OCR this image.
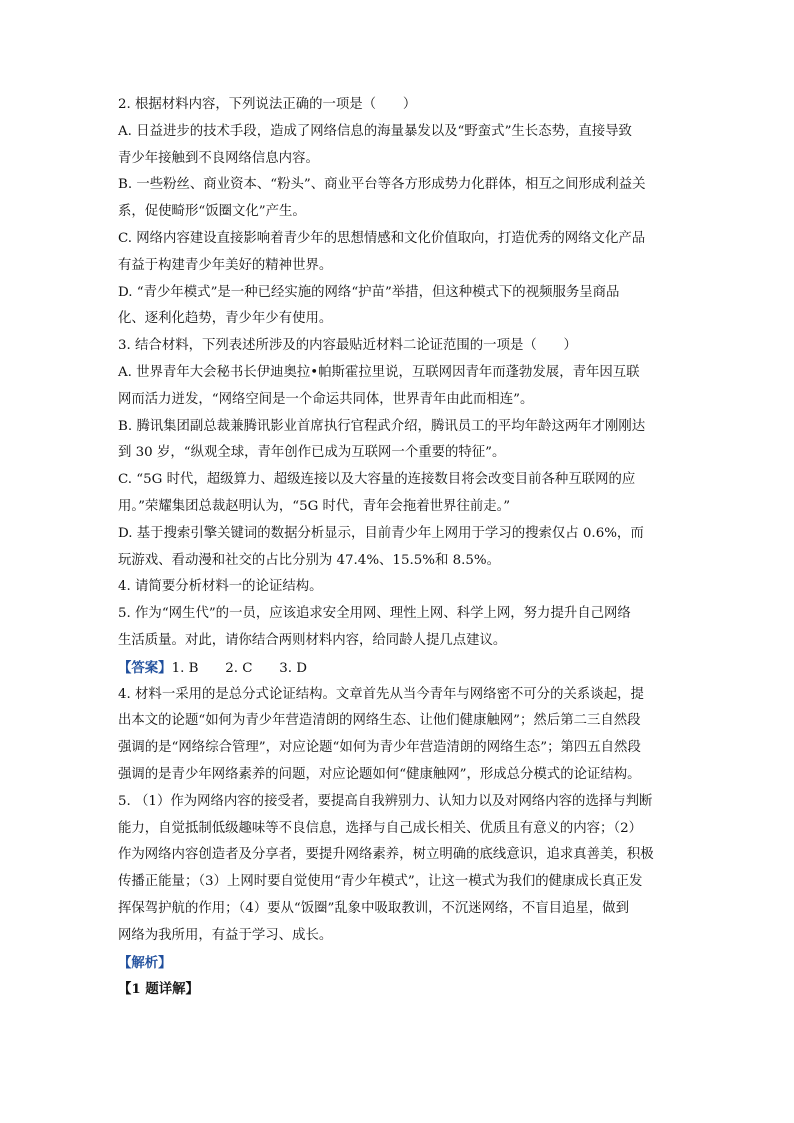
2. 根据材料内容，下列说法正确的一项是（　　）
A. 日益进步的技术手段，造成了网络信息的海量暴发以及“野蛮式”生长态势，直接导致
青少年接触到不良网络信息内容。
B. 一些粉丝、商业资本、“粉头”、商业平台等各方形成势力化群体，相互之间形成利益关
系，促使畸形“饭圈文化”产生。
C. 网络内容建设直接影响着青少年的思想情感和文化价值取向，打造优秀的网络文化产品
有益于构建青少年美好的精神世界。
D. “青少年模式”是一种已经实施的网络“护苗”举措，但这种模式下的视频服务呈商品
化、逐利化趋势，青少年少有使用。
3. 结合材料，下列表述所涉及的内容最贴近材料二论证范围的一项是（　　）
A. 世界青年大会秘书长伊迪奥拉•帕斯霍拉里说，互联网因青年而蓬勃发展，青年因互联
网而活力迸发，“网络空间是一个命运共同体，世界青年由此而相连”。
B. 腾讯集团副总裁兼腾讯影业首席执行官程武介绍，腾讯员工的平均年龄这两年才刚刚达
到 30 岁，“纵观全球，青年创作已成为互联网一个重要的特征”。
C. “5G 时代，超级算力、超级连接以及大容量的连接数目将会改变目前各种互联网的应
用。”荣耀集团总裁赵明认为，“5G 时代，青年会拖着世界往前走。”
D. 基于搜索引擎关键词的数据分析显示，目前青少年上网用于学习的搜索仅占 0.6%，而
玩游戏、看动漫和社交的占比分别为 47.4%、15.5%和 8.5%。
4. 请简要分析材料一的论证结构。
5. 作为“网生代”的一员，应该追求安全用网、理性上网、科学上网，努力提升自己网络
生活质量。对此，请你结合两则材料内容，给同龄人提几点建议。
【答案】1. B　　2. C　　3. D
4. 材料一采用的是总分式论证结构。文章首先从当今青年与网络密不可分的关系谈起，提
出本文的论题“如何为青少年营造清朗的网络生态、让他们健康触网”；然后第二三自然段
强调的是“网络综合管理”，对应论题“如何为青少年营造清朗的网络生态”；第四五自然段
强调的是青少年网络素养的问题，对应论题如何“健康触网”，形成总分模式的论证结构。
5. （1）作为网络内容的接受者，要提高自我辨别力、认知力以及对网络内容的选择与判断
能力，自觉抵制低级趣味等不良信息，选择与自己成长相关、优质且有意义的内容；（2）
作为网络内容创造者及分享者，要提升网络素养，树立明确的底线意识，追求真善美，积极
传播正能量；（3）上网时要自觉使用“青少年模式”，让这一模式为我们的健康成长真正发
挥保驾护航的作用；（4）要从“饭圈”乱象中吸取教训，不沉迷网络，不盲目追星，做到
网络为我所用，有益于学习、成长。
【解析】
【1 题详解】
